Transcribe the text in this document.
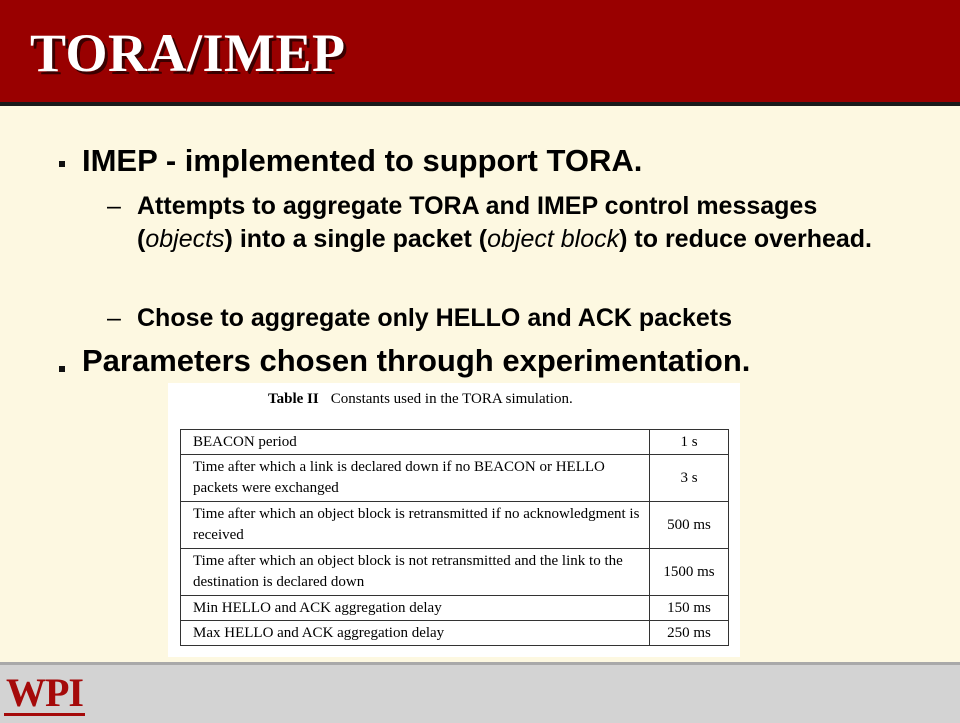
TORA/IMEP

IMEP - implemented to support TORA.

– Attempts to aggregate TORA and IMEP control messages (objects) into a single packet (object block) to reduce overhead.

– Chose to aggregate only HELLO and ACK packets

Parameters chosen through experimentation.

Table II Constants used in the TORA simulation.
BEACON period	1 s
Time after which a link is declared down if no BEACON or HELLO packets were exchanged	3 s
Time after which an object block is retransmitted if no acknowledgment is received	500 ms
Time after which an object block is not retransmitted and the link to the destination is declared down	1500 ms
Min HELLO and ACK aggregation delay	150 ms
Max HELLO and ACK aggregation delay	250 ms
WPI
